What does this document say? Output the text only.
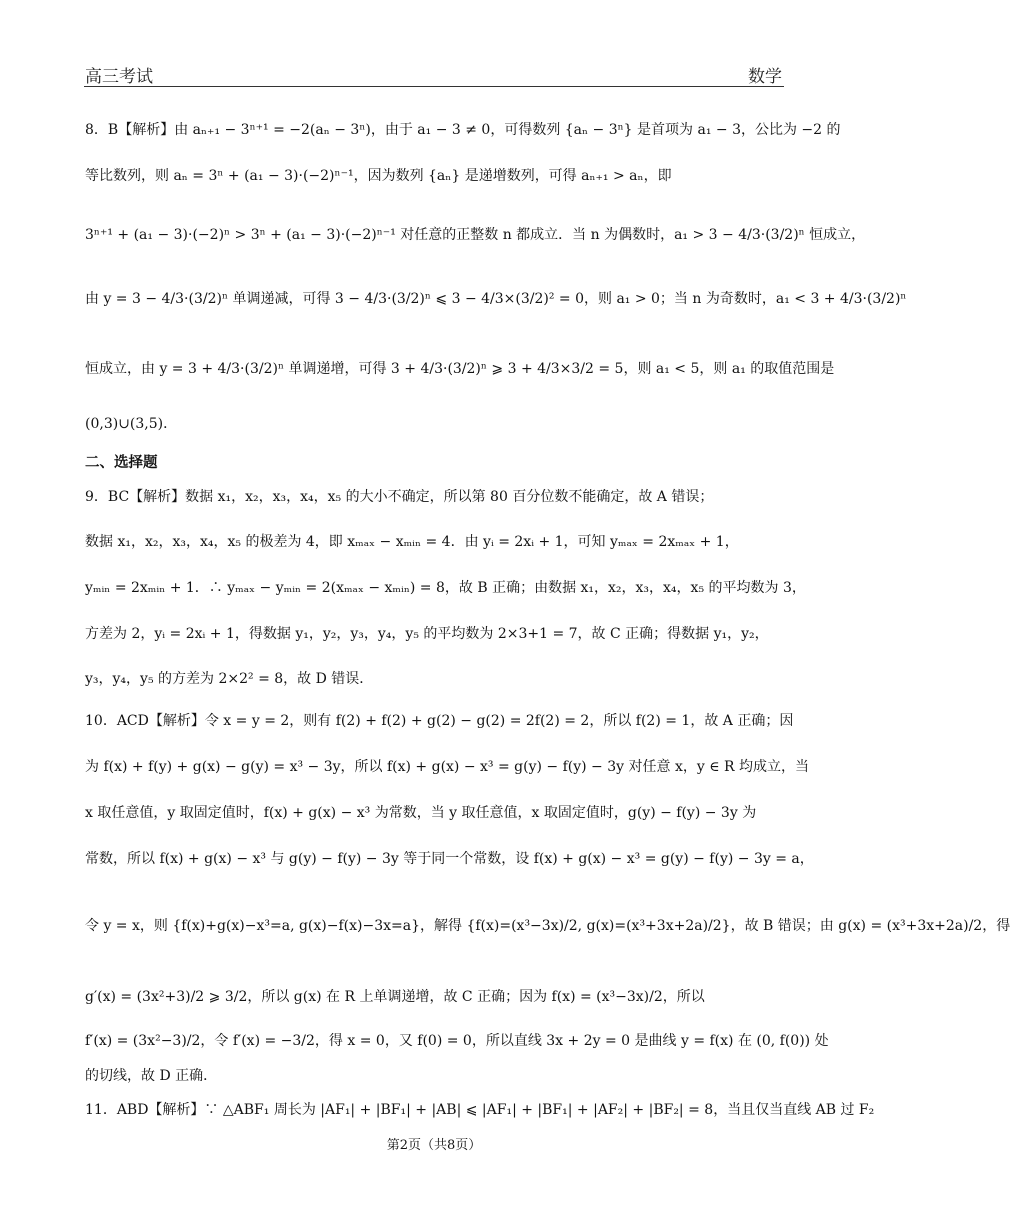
高三考试	数学
8．B【解析】由 aₙ₊₁ − 3ⁿ⁺¹ = −2(aₙ − 3ⁿ)，由于 a₁ − 3 ≠ 0，可得数列 {aₙ − 3ⁿ} 是首项为 a₁ − 3，公比为 −2 的
等比数列，则 aₙ = 3ⁿ + (a₁ − 3)·(−2)ⁿ⁻¹，因为数列 {aₙ} 是递增数列，可得 aₙ₊₁ > aₙ，即
3ⁿ⁺¹ + (a₁ − 3)·(−2)ⁿ > 3ⁿ + (a₁ − 3)·(−2)ⁿ⁻¹ 对任意的正整数 n 都成立．当 n 为偶数时，a₁ > 3 − 4/3·(3/2)ⁿ 恒成立，
由 y = 3 − 4/3·(3/2)ⁿ 单调递减，可得 3 − 4/3·(3/2)ⁿ ⩽ 3 − 4/3×(3/2)² = 0，则 a₁ > 0；当 n 为奇数时，a₁ < 3 + 4/3·(3/2)ⁿ
恒成立，由 y = 3 + 4/3·(3/2)ⁿ 单调递增，可得 3 + 4/3·(3/2)ⁿ ⩾ 3 + 4/3×3/2 = 5，则 a₁ < 5，则 a₁ 的取值范围是
(0,3)∪(3,5)．
二、选择题
9．BC【解析】数据 x₁，x₂，x₃，x₄，x₅ 的大小不确定，所以第 80 百分位数不能确定，故 A 错误；
数据 x₁，x₂，x₃，x₄，x₅ 的极差为 4，即 xₘₐₓ − xₘᵢₙ = 4．由 yᵢ = 2xᵢ + 1，可知 yₘₐₓ = 2xₘₐₓ + 1，
yₘᵢₙ = 2xₘᵢₙ + 1．∴ yₘₐₓ − yₘᵢₙ = 2(xₘₐₓ − xₘᵢₙ) = 8，故 B 正确；由数据 x₁，x₂，x₃，x₄，x₅ 的平均数为 3，
方差为 2，yᵢ = 2xᵢ + 1，得数据 y₁，y₂，y₃，y₄，y₅ 的平均数为 2×3+1 = 7，故 C 正确；得数据 y₁，y₂，
y₃，y₄，y₅ 的方差为 2×2² = 8，故 D 错误．
10．ACD【解析】令 x = y = 2，则有 f(2) + f(2) + g(2) − g(2) = 2f(2) = 2，所以 f(2) = 1，故 A 正确；因
为 f(x) + f(y) + g(x) − g(y) = x³ − 3y，所以 f(x) + g(x) − x³ = g(y) − f(y) − 3y 对任意 x，y ∈ R 均成立，当
x 取任意值，y 取固定值时，f(x) + g(x) − x³ 为常数，当 y 取任意值，x 取固定值时，g(y) − f(y) − 3y 为
常数，所以 f(x) + g(x) − x³ 与 g(y) − f(y) − 3y 等于同一个常数，设 f(x) + g(x) − x³ = g(y) − f(y) − 3y = a，
令 y = x，则 {f(x)+g(x)−x³=a, g(x)−f(x)−3x=a}，解得 {f(x)=(x³−3x)/2, g(x)=(x³+3x+2a)/2}，故 B 错误；由 g(x) = (x³+3x+2a)/2，得
g′(x) = (3x²+3)/2 ⩾ 3/2，所以 g(x) 在 R 上单调递增，故 C 正确；因为 f(x) = (x³−3x)/2，所以
f′(x) = (3x²−3)/2，令 f′(x) = −3/2，得 x = 0，又 f(0) = 0，所以直线 3x + 2y = 0 是曲线 y = f(x) 在 (0, f(0)) 处
的切线，故 D 正确．
11．ABD【解析】∵ △ABF₁ 周长为 |AF₁| + |BF₁| + |AB| ⩽ |AF₁| + |BF₁| + |AF₂| + |BF₂| = 8，当且仅当直线 AB 过 F₂
第2页（共8页）
